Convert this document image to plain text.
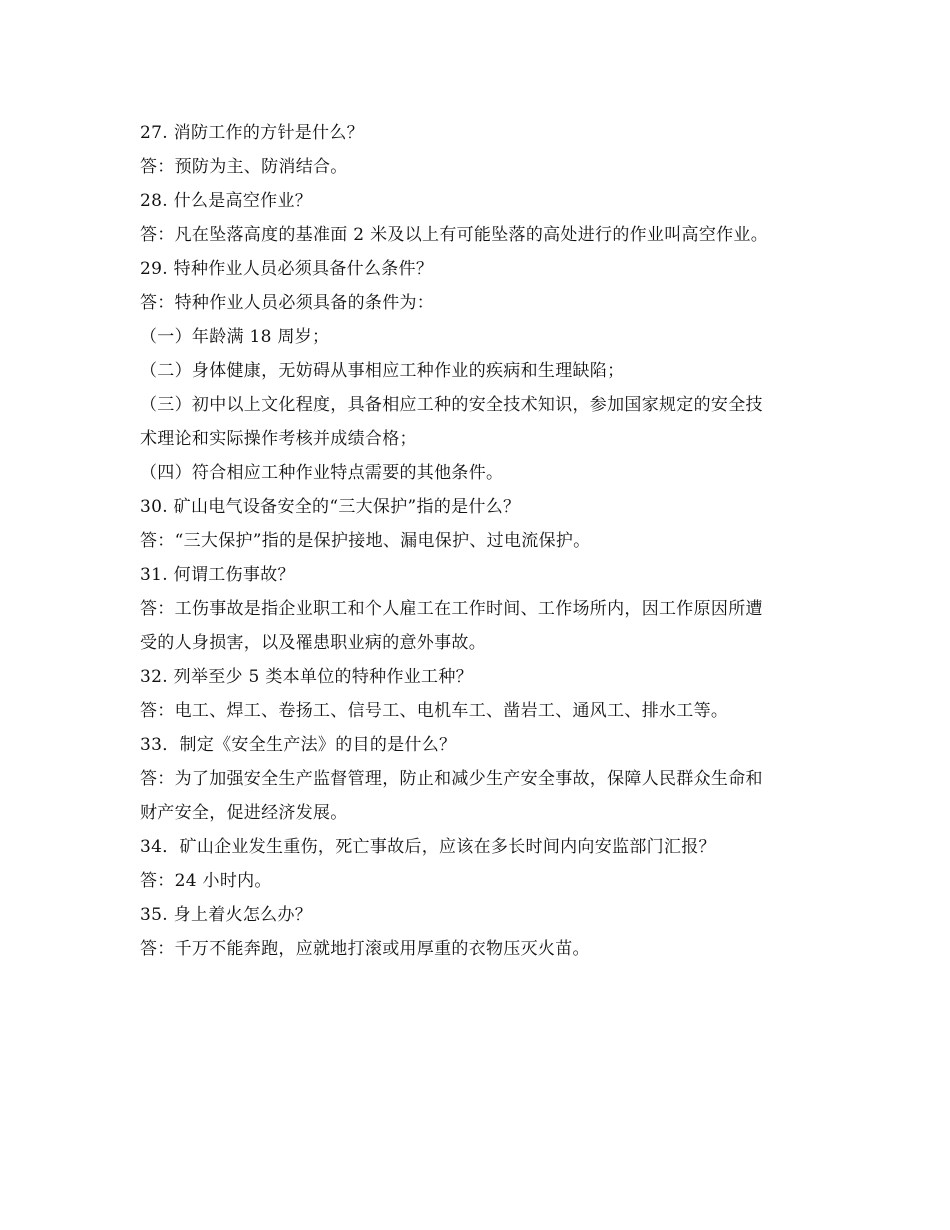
27. 消防工作的方针是什么？
答：预防为主、防消结合。
28. 什么是高空作业？
答：凡在坠落高度的基准面 2 米及以上有可能坠落的高处进行的作业叫高空作业。
29. 特种作业人员必须具备什么条件？
答：特种作业人员必须具备的条件为：
（一）年龄满 18 周岁；
（二）身体健康，无妨碍从事相应工种作业的疾病和生理缺陷；
（三）初中以上文化程度，具备相应工种的安全技术知识，参加国家规定的安全技
术理论和实际操作考核并成绩合格；
（四）符合相应工种作业特点需要的其他条件。
30. 矿山电气设备安全的“三大保护”指的是什么？
答：“三大保护”指的是保护接地、漏电保护、过电流保护。
31. 何谓工伤事故？
答：工伤事故是指企业职工和个人雇工在工作时间、工作场所内，因工作原因所遭
受的人身损害，以及罹患职业病的意外事故。
32. 列举至少 5 类本单位的特种作业工种？
答：电工、焊工、卷扬工、信号工、电机车工、凿岩工、通风工、排水工等。
33．制定《安全生产法》的目的是什么？
答：为了加强安全生产监督管理，防止和减少生产安全事故，保障人民群众生命和
财产安全，促进经济发展。
34．矿山企业发生重伤，死亡事故后，应该在多长时间内向安监部门汇报？
答：24 小时内。
35. 身上着火怎么办？
答：千万不能奔跑，应就地打滚或用厚重的衣物压灭火苗。
